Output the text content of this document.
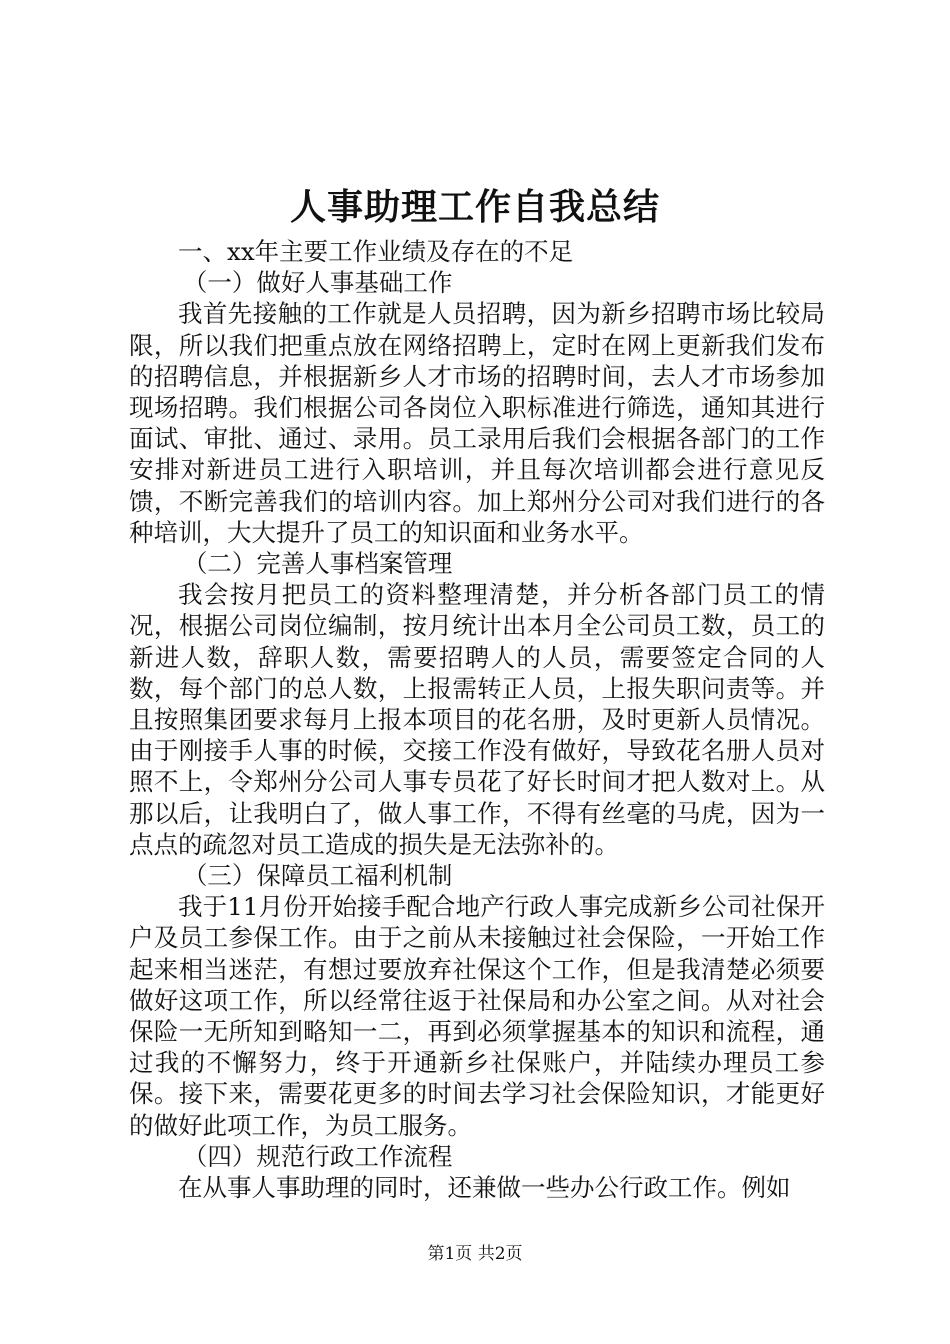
人事助理工作自我总结

一、xx年主要工作业绩及存在的不足

（一）做好人事基础工作

我首先接触的工作就是人员招聘，因为新乡招聘市场比较局限，所以我们把重点放在网络招聘上，定时在网上更新我们发布的招聘信息，并根据新乡人才市场的招聘时间，去人才市场参加现场招聘。我们根据公司各岗位入职标准进行筛选，通知其进行面试、审批、通过、录用。员工录用后我们会根据各部门的工作安排对新进员工进行入职培训，并且每次培训都会进行意见反馈，不断完善我们的培训内容。加上郑州分公司对我们进行的各种培训，大大提升了员工的知识面和业务水平。

（二）完善人事档案管理

我会按月把员工的资料整理清楚，并分析各部门员工的情况，根据公司岗位编制，按月统计出本月全公司员工数，员工的新进人数，辞职人数，需要招聘人的人员，需要签定合同的人数，每个部门的总人数，上报需转正人员，上报失职问责等。并且按照集团要求每月上报本项目的花名册，及时更新人员情况。由于刚接手人事的时候，交接工作没有做好，导致花名册人员对照不上，令郑州分公司人事专员花了好长时间才把人数对上。从那以后，让我明白了，做人事工作，不得有丝毫的马虎，因为一点点的疏忽对员工造成的损失是无法弥补的。

（三）保障员工福利机制

我于11月份开始接手配合地产行政人事完成新乡公司社保开户及员工参保工作。由于之前从未接触过社会保险，一开始工作起来相当迷茫，有想过要放弃社保这个工作，但是我清楚必须要做好这项工作，所以经常往返于社保局和办公室之间。从对社会保险一无所知到略知一二，再到必须掌握基本的知识和流程，通过我的不懈努力，终于开通新乡社保账户，并陆续办理员工参保。接下来，需要花更多的时间去学习社会保险知识，才能更好的做好此项工作，为员工服务。

（四）规范行政工作流程

在从事人事助理的同时，还兼做一些办公行政工作。例如

第1页 共2页
